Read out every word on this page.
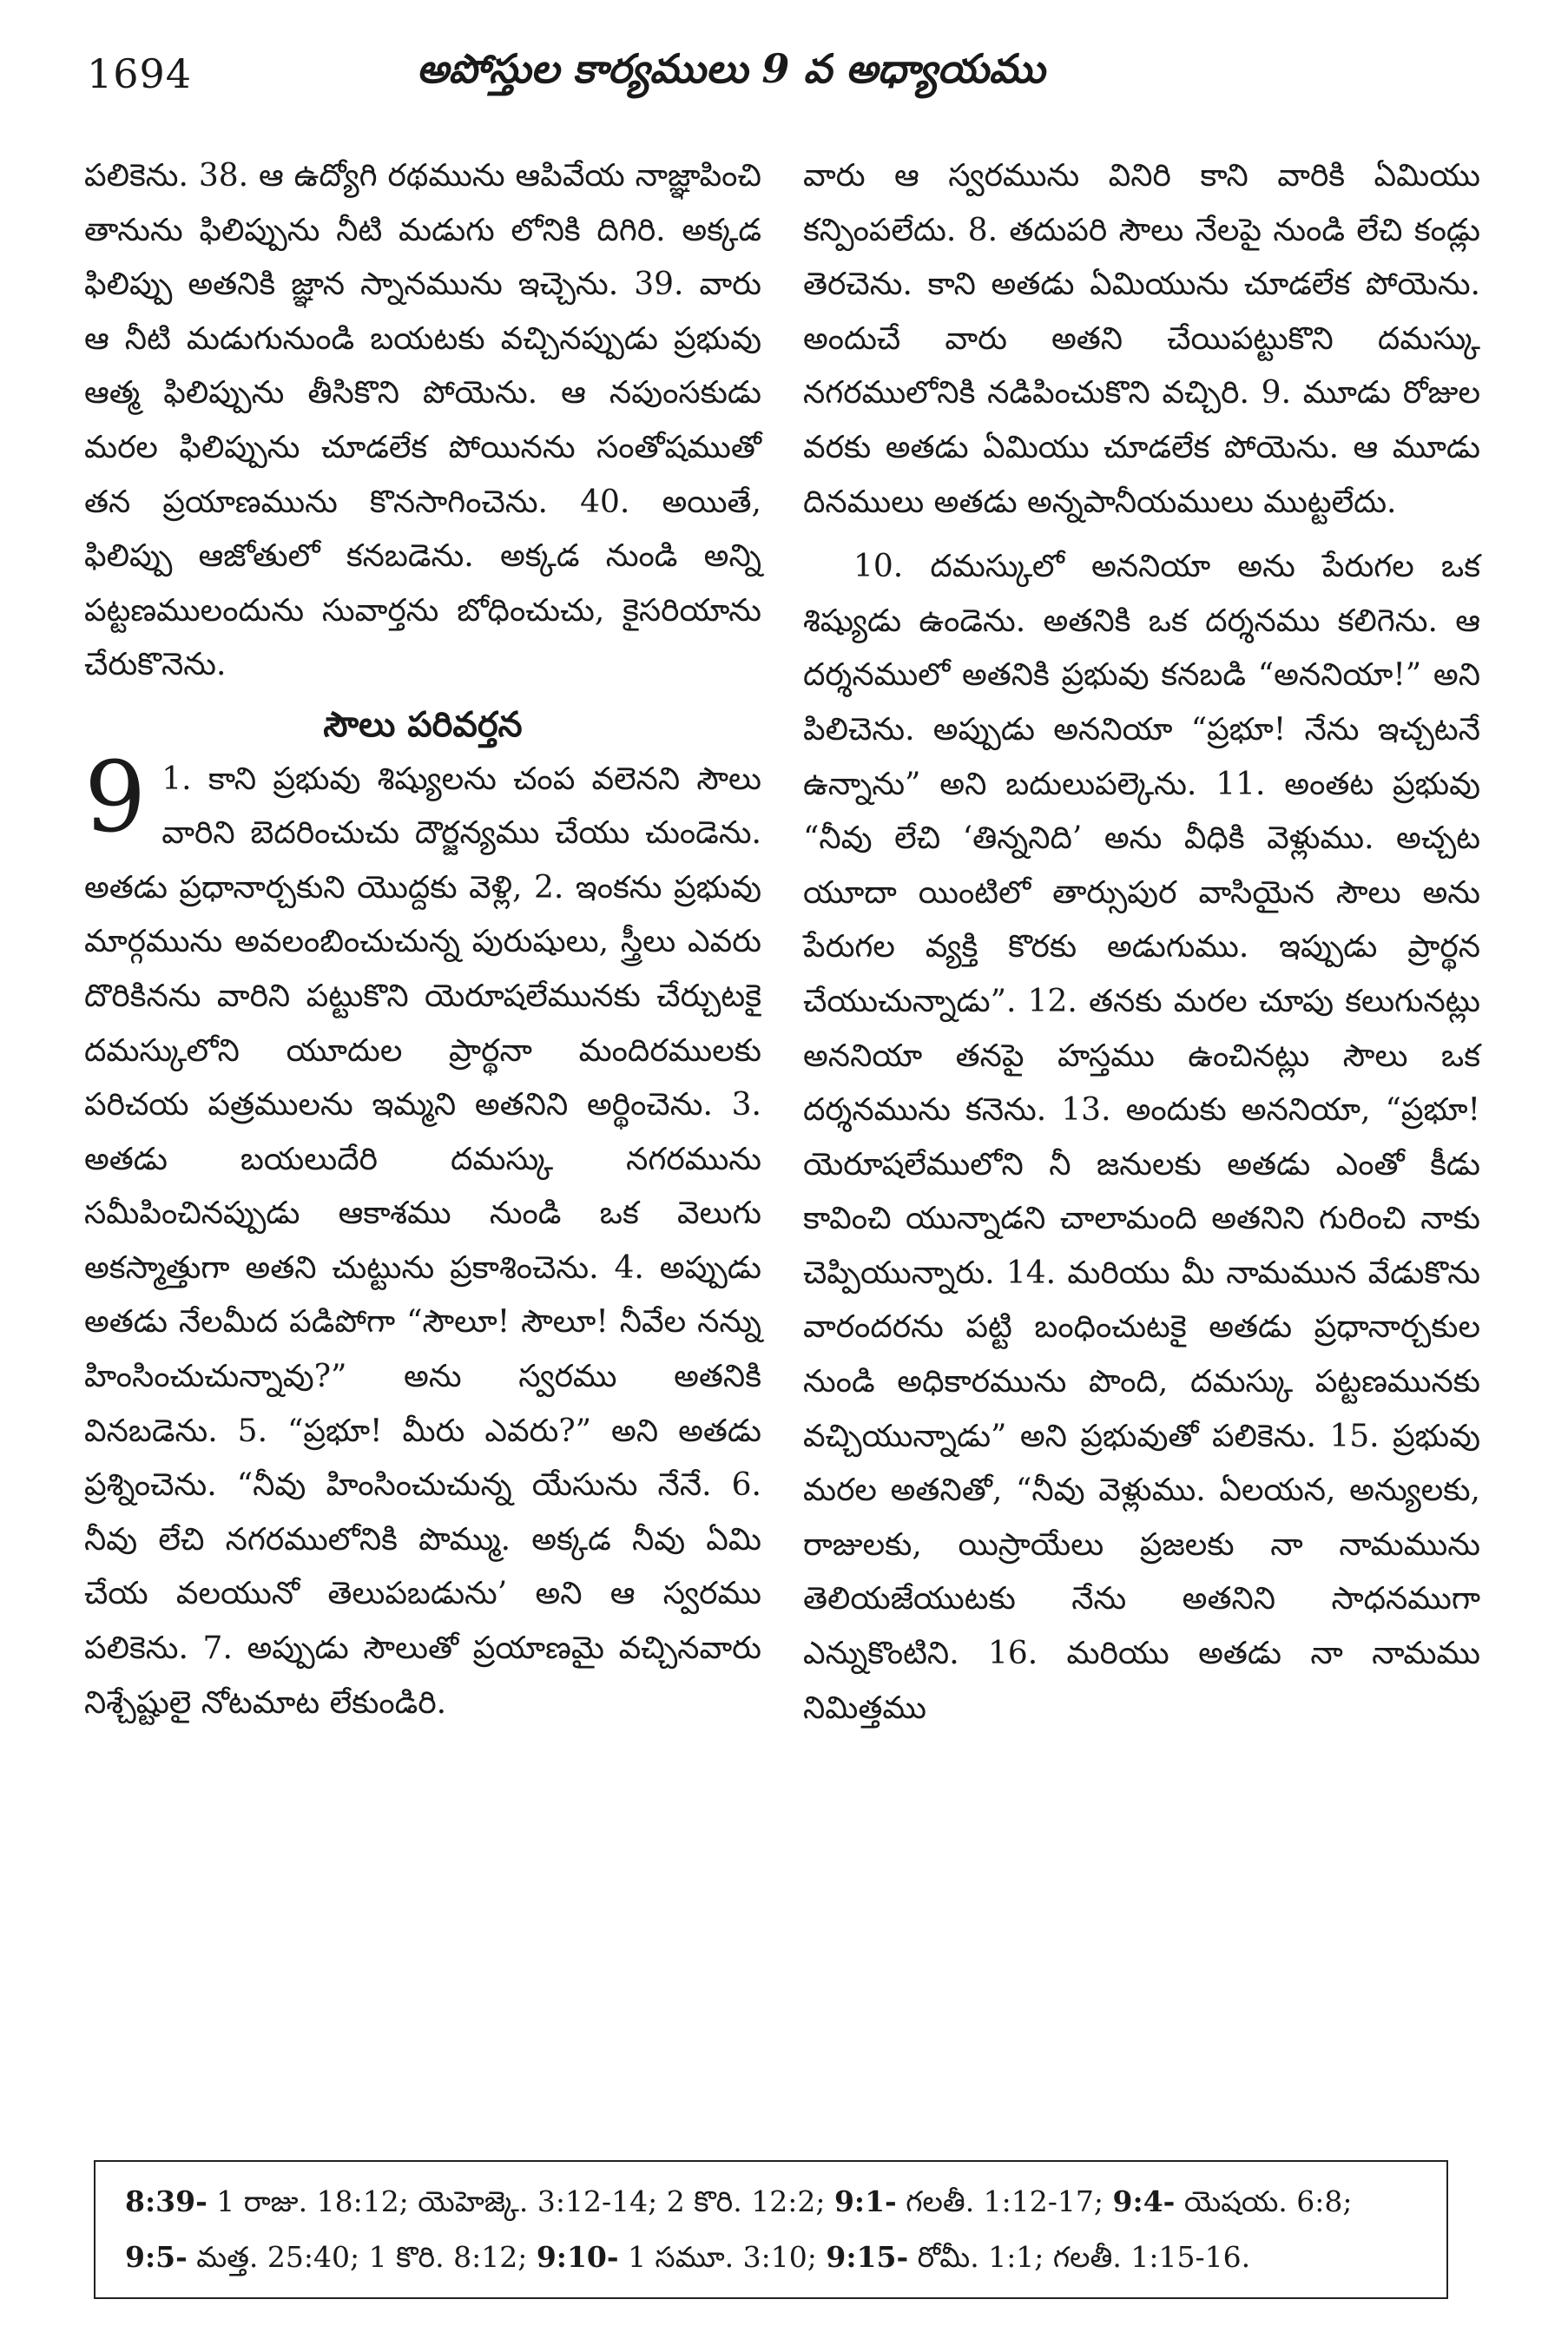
1694	అపోస్తుల కార్యములు 9 వ అధ్యాయము

పలికెను. 38. ఆ ఉద్యోగి రథమును ఆపివేయ నాజ్ఞాపించి తానును ఫిలిప్పును నీటి మడుగు లోనికి దిగిరి. అక్కడ ఫిలిప్పు అతనికి జ్ఞాన స్నానమును ఇచ్చెను. 39. వారు ఆ నీటి మడుగునుండి బయటకు వచ్చినప్పుడు ప్రభువు ఆత్మ ఫిలిప్పును తీసికొని పోయెను. ఆ నపుంసకుడు మరల ఫిలిప్పును చూడలేక పోయినను సంతోషముతో తన ప్రయాణమును కొనసాగించెను. 40. అయితే, ఫిలిప్పు ఆజోతులో కనబడెను. అక్కడ నుండి అన్ని పట్టణములందును సువార్తను బోధించుచు, కైసరియాను చేరుకొనెను.

సౌలు పరివర్తన

9 1. కాని ప్రభువు శిష్యులను చంప వలెనని సౌలు వారిని బెదరించుచు దౌర్జన్యము చేయు చుండెను. అతడు ప్రధానార్చకుని యొద్దకు వెళ్లి, 2. ఇంకను ప్రభువు మార్గమును అవలంబించుచున్న పురుషులు, స్త్రీలు ఎవరు దొరికినను వారిని పట్టుకొని యెరూషలేమునకు చేర్చుటకై దమస్కులోని యూదుల ప్రార్థనా మందిరములకు పరిచయ పత్రములను ఇమ్మని అతనిని అర్థించెను. 3. అతడు బయలుదేరి దమస్కు నగరమును సమీపించినప్పుడు ఆకాశము నుండి ఒక వెలుగు అకస్మాత్తుగా అతని చుట్టును ప్రకాశించెను. 4. అప్పుడు అతడు నేలమీద పడిపోగా “సౌలూ! సౌలూ! నీవేల నన్ను హింసించుచున్నావు?” అను స్వరము అతనికి వినబడెను. 5. “ప్రభూ! మీరు ఎవరు?” అని అతడు ప్రశ్నించెను. “నీవు హింసించుచున్న యేసును నేనే. 6. నీవు లేచి నగరములోనికి పొమ్ము. అక్కడ నీవు ఏమి చేయ వలయునో తెలుపబడును’ అని ఆ స్వరము పలికెను. 7. అప్పుడు సౌలుతో ప్రయాణమై వచ్చినవారు నిశ్చేష్టులై నోటమాట లేకుండిరి.

వారు ఆ స్వరమును వినిరి కాని వారికి ఏమియు కన్పింపలేదు. 8. తదుపరి సౌలు నేలపై నుండి లేచి కండ్లు తెరచెను. కాని అతడు ఏమియును చూడలేక పోయెను. అందుచే వారు అతని చేయిపట్టుకొని దమస్కు నగరములోనికి నడిపించుకొని వచ్చిరి. 9. మూడు రోజుల వరకు అతడు ఏమియు చూడలేక పోయెను. ఆ మూడు దినములు అతడు అన్నపానీయములు ముట్టలేదు.

10. దమస్కులో అననియా అను పేరుగల ఒక శిష్యుడు ఉండెను. అతనికి ఒక దర్శనము కలిగెను. ఆ దర్శనములో అతనికి ప్రభువు కనబడి “అననియా!” అని పిలిచెను. అప్పుడు అననియా “ప్రభూ! నేను ఇచ్చటనే ఉన్నాను” అని బదులుపల్కెను. 11. అంతట ప్రభువు “నీవు లేచి ‘తిన్ననిది’ అను వీధికి వెళ్లుము. అచ్చట యూదా యింటిలో తార్సుపుర వాసియైన సౌలు అను పేరుగల వ్యక్తి కొరకు అడుగుము. ఇప్పుడు ప్రార్థన చేయుచున్నాడు”. 12. తనకు మరల చూపు కలుగునట్లు అననియా తనపై హస్తము ఉంచినట్లు సౌలు ఒక దర్శనమును కనెను. 13. అందుకు అననియా, “ప్రభూ! యెరూషలేములోని నీ జనులకు అతడు ఎంతో కీడు కావించి యున్నాడని చాలామంది అతనిని గురించి నాకు చెప్పియున్నారు. 14. మరియు మీ నామమున వేడుకొను వారందరను పట్టి బంధించుటకై అతడు ప్రధానార్చకుల నుండి అధికారమును పొంది, దమస్కు పట్టణమునకు వచ్చియున్నాడు” అని ప్రభువుతో పలికెను. 15. ప్రభువు మరల అతనితో, “నీవు వెళ్లుము. ఏలయన, అన్యులకు, రాజులకు, యిస్రాయేలు ప్రజలకు నా నామమును తెలియజేయుటకు నేను అతనిని సాధనముగా ఎన్నుకొంటిని. 16. మరియు అతడు నా నామము నిమిత్తము

8:39- 1 రాజు. 18:12; యెహెజ్కె. 3:12-14; 2 కొరి. 12:2; 9:1- గలతీ. 1:12-17; 9:4- యెషయ. 6:8; 9:5- మత్త. 25:40; 1 కొరి. 8:12; 9:10- 1 సమూ. 3:10; 9:15- రోమీ. 1:1; గలతీ. 1:15-16.
